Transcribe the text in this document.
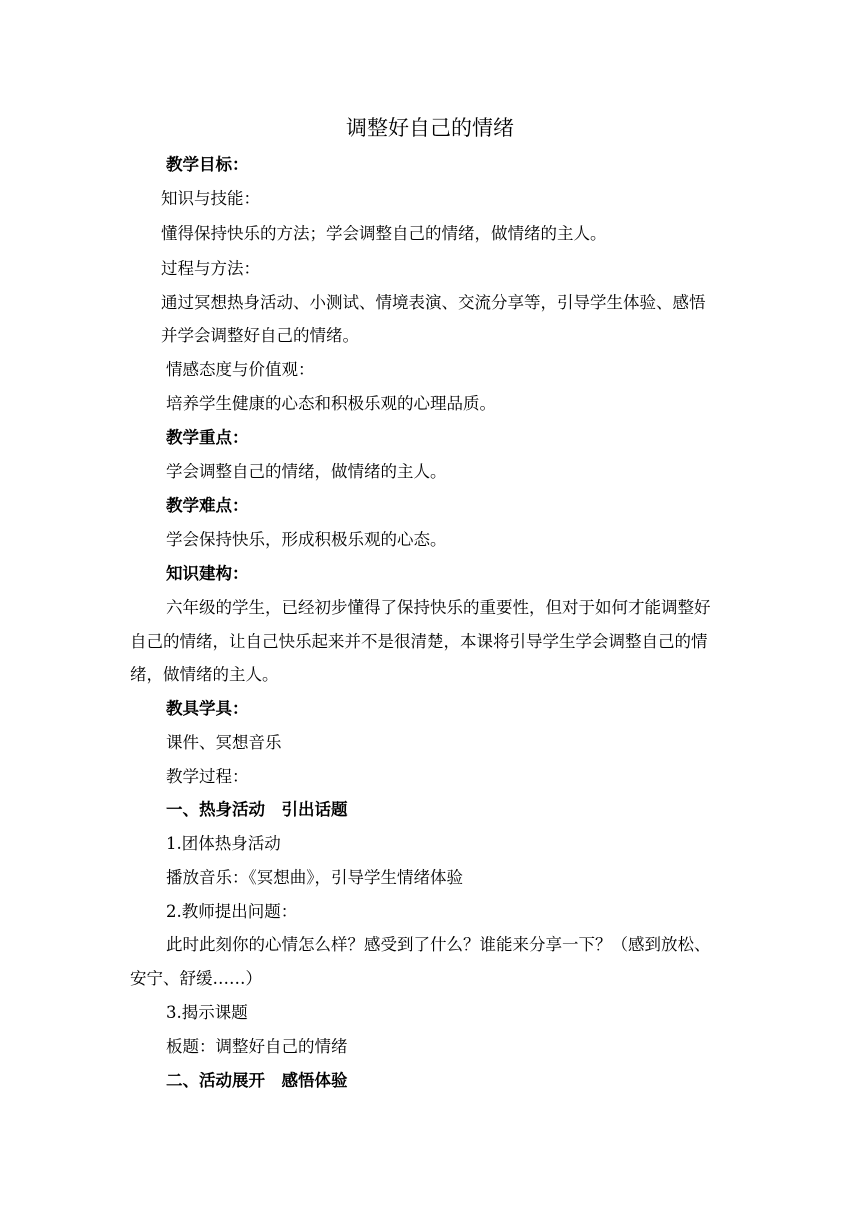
调整好自己的情绪
教学目标：
知识与技能：
懂得保持快乐的方法；学会调整自己的情绪，做情绪的主人。
过程与方法：
通过冥想热身活动、小测试、情境表演、交流分享等，引导学生体验、感悟
并学会调整好自己的情绪。
情感态度与价值观：
培养学生健康的心态和积极乐观的心理品质。
教学重点：
学会调整自己的情绪，做情绪的主人。
教学难点：
学会保持快乐，形成积极乐观的心态。
知识建构：
六年级的学生，已经初步懂得了保持快乐的重要性，但对于如何才能调整好
自己的情绪，让自己快乐起来并不是很清楚，本课将引导学生学会调整自己的情
绪，做情绪的主人。
教具学具：
课件、冥想音乐
教学过程：
一、热身活动　引出话题
1.团体热身活动
播放音乐：《冥想曲》，引导学生情绪体验
2.教师提出问题：
此时此刻你的心情怎么样？感受到了什么？谁能来分享一下？（感到放松、
安宁、舒缓……）
3.揭示课题
板题：调整好自己的情绪
二、活动展开　感悟体验
